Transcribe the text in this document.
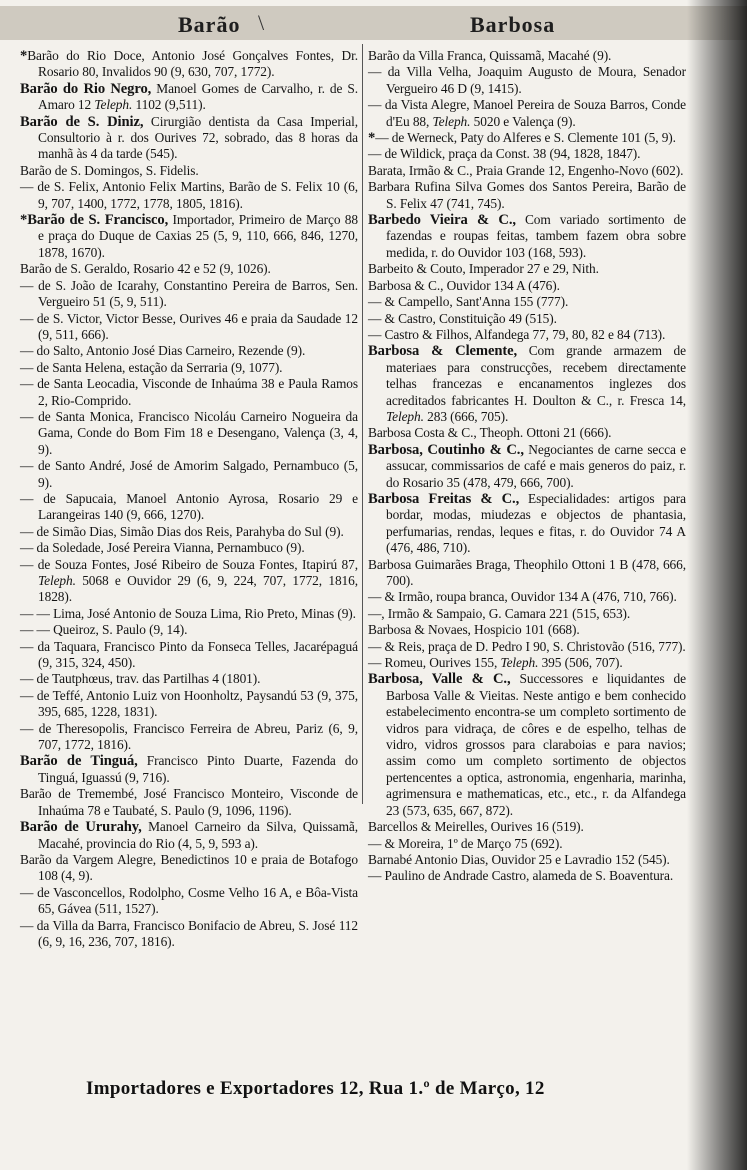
Barão \	Barbosa

*Barão do Rio Doce, Antonio José Gonçalves Fontes, Dr. Rosario 80, Invalidos 90 (9, 630, 707, 1772).

Barão do Rio Negro, Manoel Gomes de Carvalho, r. de S. Amaro 12 Teleph. 1102 (9,511).

Barão de S. Diniz, Cirurgião dentista da Casa Imperial, Consultorio à r. dos Ourives 72, sobrado, das 8 horas da manhã às 4 da tarde (545).

Barão de S. Domingos, S. Fidelis.

— de S. Felix, Antonio Felix Martins, Barão de S. Felix 10 (6, 9, 707, 1400, 1772, 1778, 1805, 1816).

*Barão de S. Francisco, Importador, Primeiro de Março 88 e praça do Duque de Caxias 25 (5, 9, 110, 666, 846, 1270, 1878, 1670).

Barão de S. Geraldo, Rosario 42 e 52 (9, 1026).

— de S. João de Icarahy, Constantino Pereira de Barros, Sen. Vergueiro 51 (5, 9, 511).

— de S. Victor, Victor Besse, Ourives 46 e praia da Saudade 12 (9, 511, 666).

— do Salto, Antonio José Dias Carneiro, Rezende (9).

— de Santa Helena, estação da Serraria (9, 1077).

— de Santa Leocadia, Visconde de Inhaúma 38 e Paula Ramos 2, Rio-Comprido.

— de Santa Monica, Francisco Nicoláu Carneiro Nogueira da Gama, Conde do Bom Fim 18 e Desengano, Valença (3, 4, 9).

— de Santo André, José de Amorim Salgado, Pernambuco (5, 9).

— de Sapucaia, Manoel Antonio Ayrosa, Rosario 29 e Larangeiras 140 (9, 666, 1270).

— de Simão Dias, Simão Dias dos Reis, Parahyba do Sul (9).

— da Soledade, José Pereira Vianna, Pernambuco (9).

— de Souza Fontes, José Ribeiro de Souza Fontes, Itapirú 87, Teleph. 5068 e Ouvidor 29 (6, 9, 224, 707, 1772, 1816, 1828).

— — Lima, José Antonio de Souza Lima, Rio Preto, Minas (9).

— — Queiroz, S. Paulo (9, 14).

— da Taquara, Francisco Pinto da Fonseca Telles, Jacarépaguá (9, 315, 324, 450).

— de Tautphœus, trav. das Partilhas 4 (1801).

— de Teffé, Antonio Luiz von Hoonholtz, Paysandú 53 (9, 375, 395, 685, 1228, 1831).

— de Theresopolis, Francisco Ferreira de Abreu, Pariz (6, 9, 707, 1772, 1816).

Barão de Tinguá, Francisco Pinto Duarte, Fazenda do Tinguá, Iguassú (9, 716).

Barão de Tremembé, José Francisco Monteiro, Visconde de Inhaúma 78 e Taubaté, S. Paulo (9, 1096, 1196).

Barão de Ururahy, Manoel Carneiro da Silva, Quissamã, Macahé, provincia do Rio (4, 5, 9, 593 a).

Barão da Vargem Alegre, Benedictinos 10 e praia de Botafogo 108 (4, 9).

— de Vasconcellos, Rodolpho, Cosme Velho 16 A, e Bôa-Vista 65, Gávea (511, 1527).

— da Villa da Barra, Francisco Bonifacio de Abreu, S. José 112 (6, 9, 16, 236, 707, 1816).

Barão da Villa Franca, Quissamã, Macahé (9).

— da Villa Velha, Joaquim Augusto de Moura, Senador Vergueiro 46 D (9, 1415).

— da Vista Alegre, Manoel Pereira de Souza Barros, Conde d'Eu 88, Teleph. 5020 e Valença (9).

*— de Werneck, Paty do Alferes e S. Clemente 101 (5, 9).

— de Wildick, praça da Const. 38 (94, 1828, 1847).

Barata, Irmão & C., Praia Grande 12, Engenho-Novo (602).

Barbara Rufina Silva Gomes dos Santos Pereira, Barão de S. Felix 47 (741, 745).

Barbedo Vieira & C., Com variado sortimento de fazendas e roupas feitas, tambem fazem obra sobre medida, r. do Ouvidor 103 (168, 593).

Barbeito & Couto, Imperador 27 e 29, Nith.

Barbosa & C., Ouvidor 134 A (476).

— & Campello, Sant'Anna 155 (777).

— & Castro, Constituição 49 (515).

— Castro & Filhos, Alfandega 77, 79, 80, 82 e 84 (713).

Barbosa & Clemente, Com grande armazem de materiaes para construcções, recebem directamente telhas francezas e encanamentos inglezes dos acreditados fabricantes H. Doulton & C., r. Fresca 14, Teleph. 283 (666, 705).

Barbosa Costa & C., Theoph. Ottoni 21 (666).

Barbosa, Coutinho & C., Negociantes de carne secca e assucar, commissarios de café e mais generos do paiz, r. do Rosario 35 (478, 479, 666, 700).

Barbosa Freitas & C., Especialidades: artigos para bordar, modas, miudezas e objectos de phantasia, perfumarias, rendas, leques e fitas, r. do Ouvidor 74 A (476, 486, 710).

Barbosa Guimarães Braga, Theophilo Ottoni 1 B (478, 666, 700).

— & Irmão, roupa branca, Ouvidor 134 A (476, 710, 766).

—, Irmão & Sampaio, G. Camara 221 (515, 653).

Barbosa & Novaes, Hospicio 101 (668).

— & Reis, praça de D. Pedro I 90, S. Christovão (516, 777).

— Romeu, Ourives 155, Teleph. 395 (506, 707).

Barbosa, Valle & C., Successores e liquidantes de Barbosa Valle & Vieitas. Neste antigo e bem conhecido estabelecimento encontra-se um completo sortimento de vidros para vidraça, de côres e de espelho, telhas de vidro, vidros grossos para claraboias e para navios; assim como um completo sortimento de objectos pertencentes a optica, astronomia, engenharia, marinha, agrimensura e mathematicas, etc., etc., r. da Alfandega 23 (573, 635, 667, 872).

Barcellos & Meirelles, Ourives 16 (519).

— & Moreira, 1º de Março 75 (692).

Barnabé Antonio Dias, Ouvidor 25 e Lavradio 152 (545).

— Paulino de Andrade Castro, alameda de S. Boaventura.

Importadores e Exportadores 12, Rua 1.º de Março, 12
